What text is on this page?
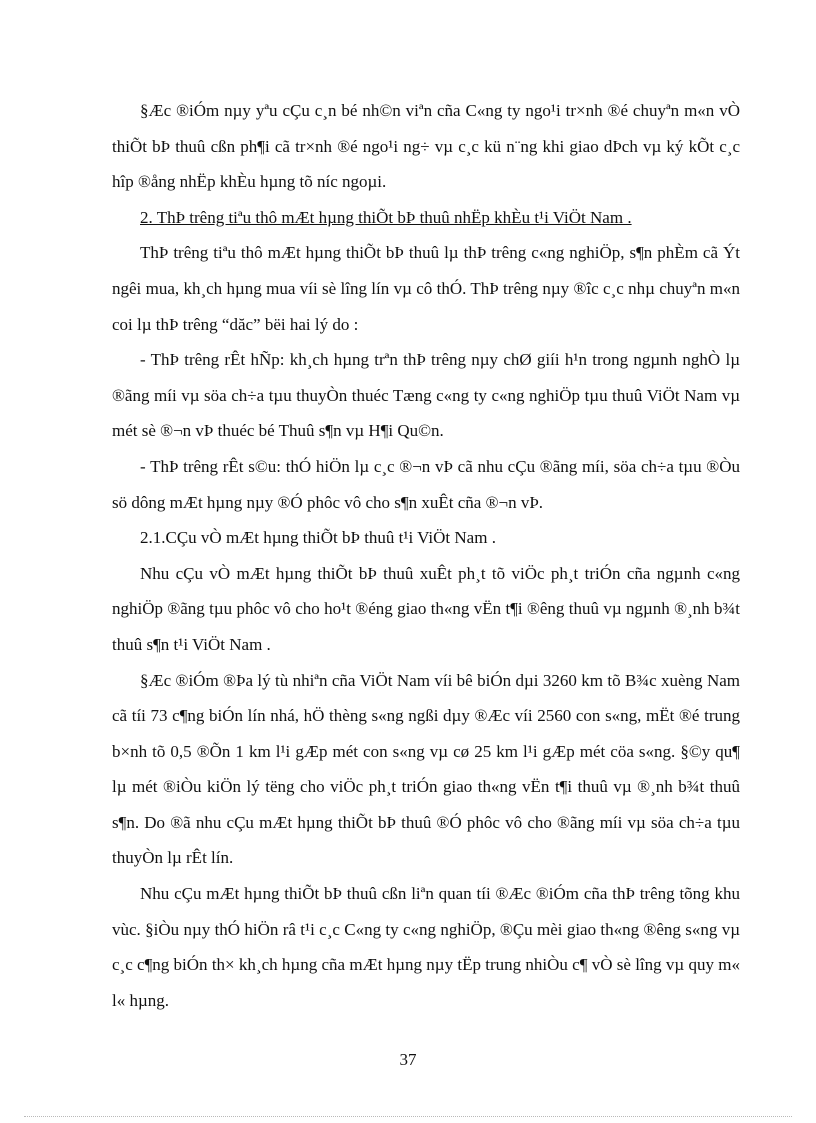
§Æc ®iÓm nµy yªu cÇu c¸n bé nh©n viªn cña C«ng ty ngo¹i tr×nh ®é chuyªn m«n vÒ thiÕt bÞ thuû cßn ph¶i cã tr×nh ®é ngo¹i ng÷ vµ c¸c kü n¨ng khi giao dÞch vµ ký kÕt c¸c hîp ®ång nhËp khÈu hµng tõ níc ngoµi.

2. ThÞ trêng tiªu thô mÆt hµng thiÕt bÞ thuû nhËp khÈu t¹i ViÖt Nam .

ThÞ trêng tiªu thô mÆt hµng thiÕt bÞ thuû lµ thÞ trêng c«ng nghiÖp, s¶n phÈm cã Ýt ngêi mua, kh¸ch hµng mua víi sè lîng lín vµ cô thÓ. ThÞ trêng nµy ®îc c¸c nhµ chuyªn m«n coi lµ thÞ trêng “dăc” bëi hai lý do :

- ThÞ trêng rÊt hÑp: kh¸ch hµng trªn thÞ trêng nµy chØ giíi h¹n trong ngµnh nghÒ lµ ®ãng míi vµ söa ch÷a tµu thuyÒn thuéc Tæng c«ng ty c«ng nghiÖp tµu thuû ViÖt Nam vµ mét sè ®¬n vÞ thuéc bé Thuû s¶n vµ H¶i Qu©n.

- ThÞ trêng rÊt s©u: thÓ hiÖn lµ c¸c ®¬n vÞ cã nhu cÇu ®ãng míi, söa ch÷a tµu ®Òu sö dông mÆt hµng nµy ®Ó phôc vô cho s¶n xuÊt cña ®¬n vÞ.

2.1.CÇu vÒ mÆt hµng thiÕt bÞ thuû t¹i ViÖt Nam .

Nhu cÇu vÒ mÆt hµng thiÕt bÞ thuû xuÊt ph¸t tõ viÖc ph¸t triÓn cña ngµnh c«ng nghiÖp ®ãng tµu phôc vô cho ho¹t ®éng giao th«ng vËn t¶i ®êng thuû vµ ngµnh ®¸nh b¾t thuû s¶n t¹i ViÖt Nam .

§Æc ®iÓm ®Þa lý tù nhiªn cña ViÖt Nam víi bê biÓn dµi 3260 km tõ B¾c xuèng Nam cã tíi 73 c¶ng biÓn lín nhá, hÖ thèng s«ng ngßi dµy ®Æc víi 2560 con s«ng, mËt ®é trung b×nh tõ 0,5 ®Õn 1 km l¹i gÆp mét con s«ng vµ cø 25 km l¹i gÆp mét cöa s«ng. §©y qu¶ lµ mét ®iÒu kiÖn lý tëng cho viÖc ph¸t triÓn giao th«ng vËn t¶i thuû vµ ®¸nh b¾t thuû s¶n. Do ®ã nhu cÇu mÆt hµng thiÕt bÞ thuû ®Ó phôc vô cho ®ãng míi vµ söa ch÷a tµu thuyÒn lµ rÊt lín.

Nhu cÇu mÆt hµng thiÕt bÞ thuû cßn liªn quan tíi ®Æc ®iÓm cña thÞ trêng tõng khu vùc. §iÒu nµy thÓ hiÖn râ t¹i c¸c C«ng ty c«ng nghiÖp, ®Çu mèi giao th«ng ®êng s«ng vµ c¸c c¶ng biÓn th× kh¸ch hµng cña mÆt hµng nµy tËp trung nhiÒu c¶ vÒ sè lîng vµ quy m« l« hµng.

37
